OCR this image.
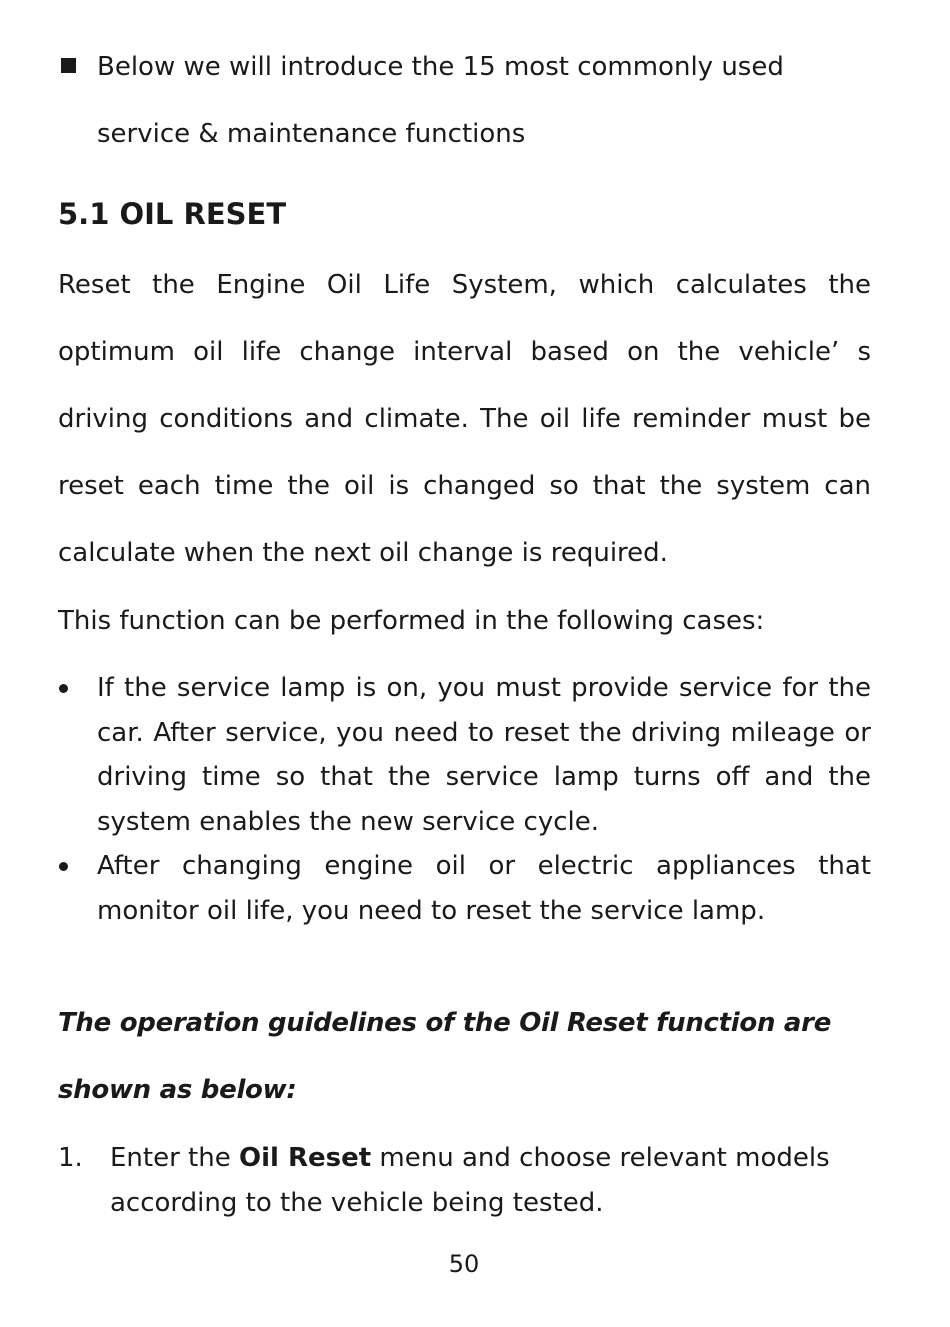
Below we will introduce the 15 most commonly used service & maintenance functions
5.1 OIL RESET

Reset the Engine Oil Life System, which calculates the optimum oil life change interval based on the vehicle’ s driving conditions and climate. The oil life reminder must be reset each time the oil is changed so that the system can calculate when the next oil change is required.

This function can be performed in the following cases:

If the service lamp is on, you must provide service for the car. After service, you need to reset the driving mileage or driving time so that the service lamp turns off and the system enables the new service cycle.
After changing engine oil or electric appliances that monitor oil life, you need to reset the service lamp.

The operation guidelines of the Oil Reset function are shown as below:

1. Enter the Oil Reset menu and choose relevant models according to the vehicle being tested.
50
